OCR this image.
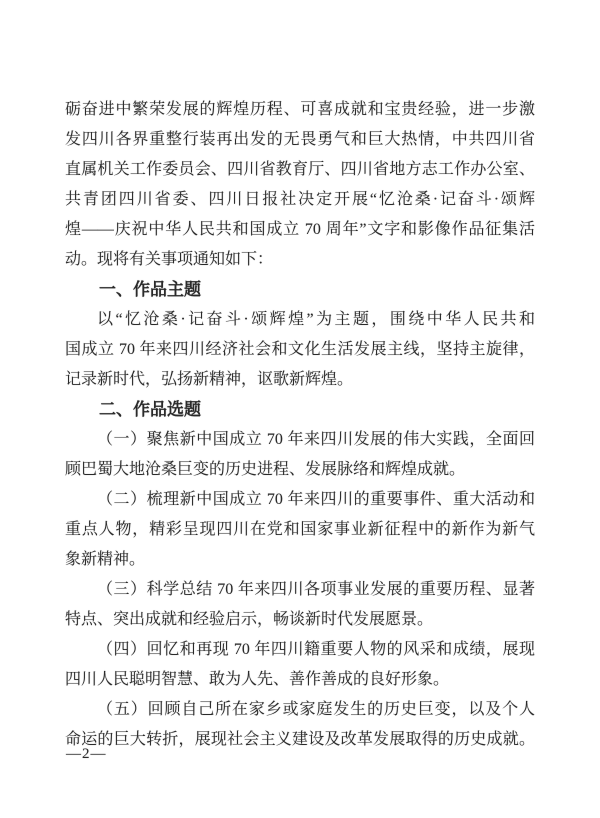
砺奋进中繁荣发展的辉煌历程、可喜成就和宝贵经验，进一步激
发四川各界重整行装再出发的无畏勇气和巨大热情，中共四川省
直属机关工作委员会、四川省教育厅、四川省地方志工作办公室、
共青团四川省委、四川日报社决定开展“忆沧桑·记奋斗·颂辉
煌——庆祝中华人民共和国成立 70 周年”文字和影像作品征集活
动。现将有关事项通知如下：
一、作品主题
以“忆沧桑·记奋斗·颂辉煌”为主题，围绕中华人民共和
国成立 70 年来四川经济社会和文化生活发展主线，坚持主旋律，
记录新时代，弘扬新精神，讴歌新辉煌。
二、作品选题
（一）聚焦新中国成立 70 年来四川发展的伟大实践，全面回
顾巴蜀大地沧桑巨变的历史进程、发展脉络和辉煌成就。
（二）梳理新中国成立 70 年来四川的重要事件、重大活动和
重点人物，精彩呈现四川在党和国家事业新征程中的新作为新气
象新精神。
（三）科学总结 70 年来四川各项事业发展的重要历程、显著
特点、突出成就和经验启示，畅谈新时代发展愿景。
（四）回忆和再现 70 年四川籍重要人物的风采和成绩，展现
四川人民聪明智慧、敢为人先、善作善成的良好形象。
（五）回顾自己所在家乡或家庭发生的历史巨变，以及个人
命运的巨大转折，展现社会主义建设及改革发展取得的历史成就。
—2—
